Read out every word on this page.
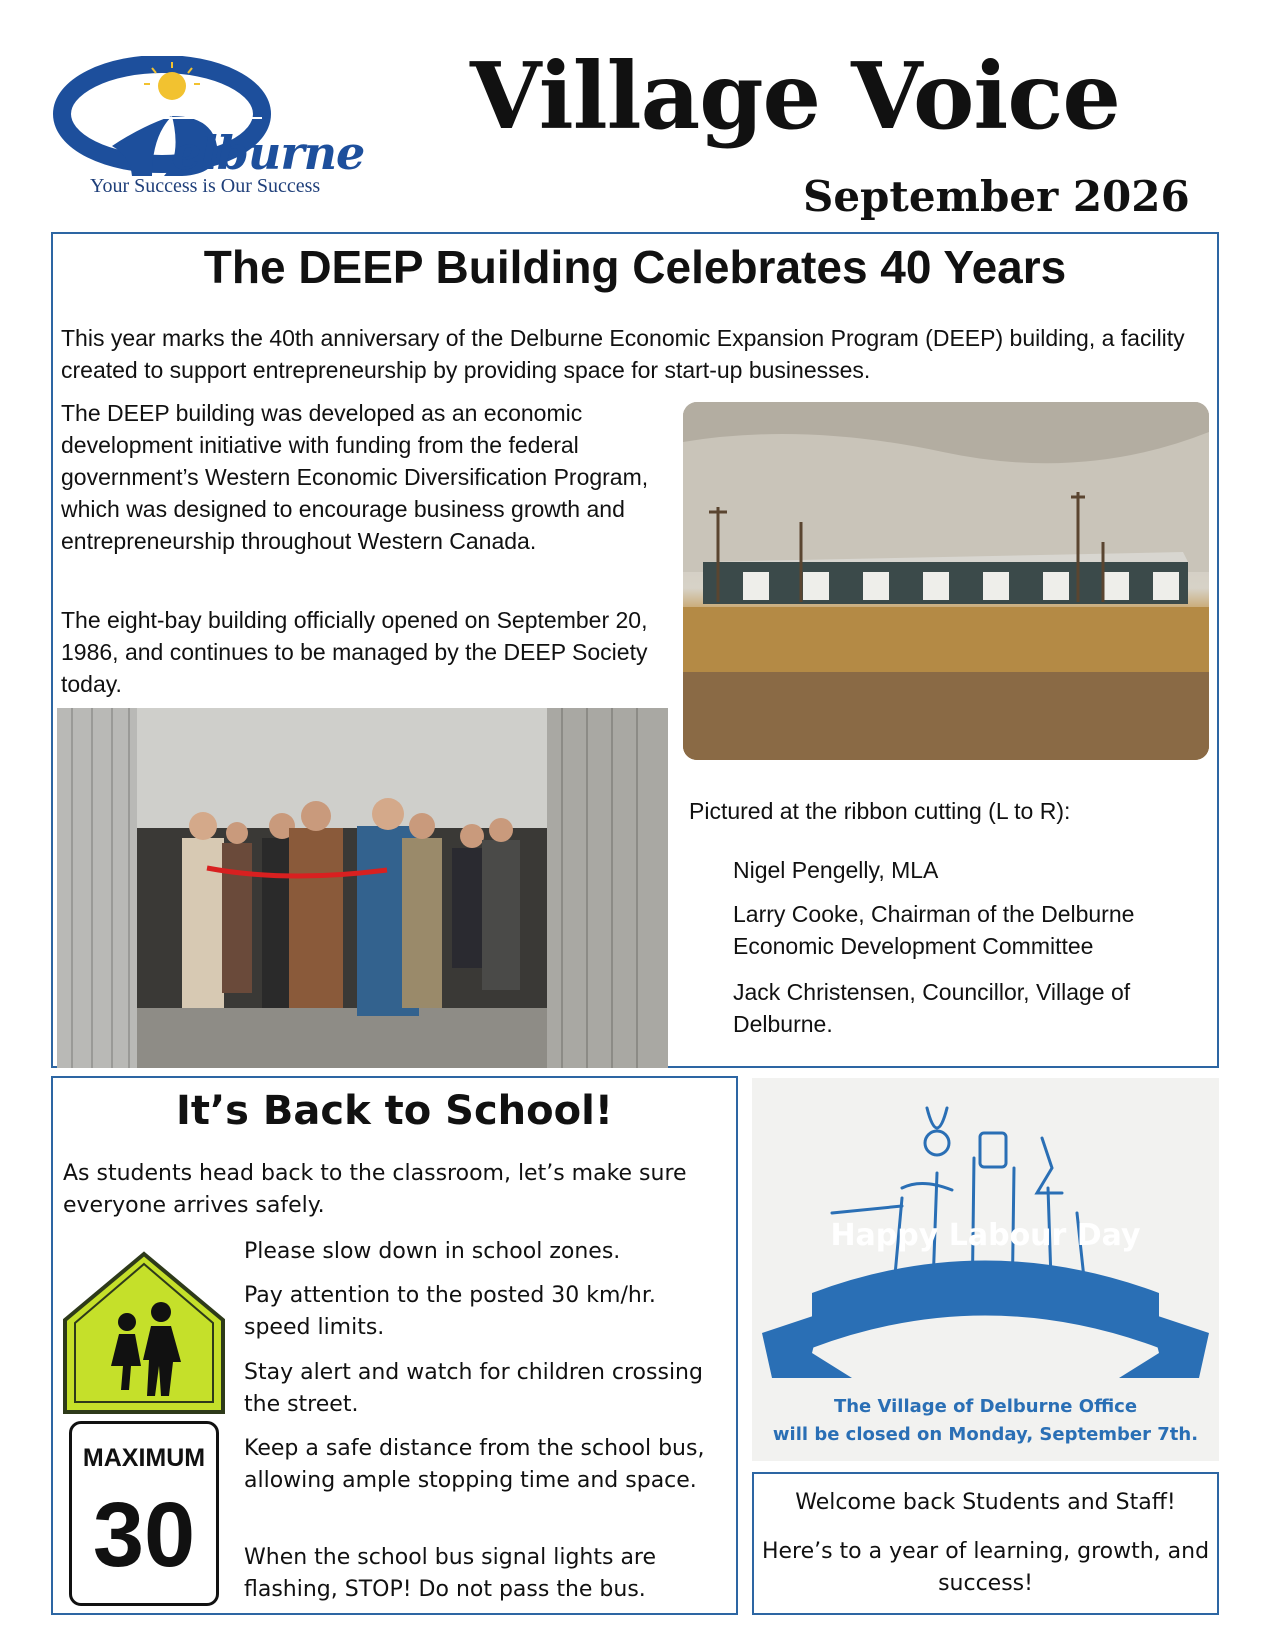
elburne
Your Success is Our Success
Village Voice
September 2026
The DEEP Building Celebrates 40 Years
This year marks the 40th anniversary of the Delburne Economic Expansion Program (DEEP) building, a facility created to support entrepreneurship by providing space for start-up businesses.
The DEEP building was developed as an economic development initiative with funding from the federal government’s Western Economic Diversification Program, which was designed to encourage business growth and entrepreneurship throughout Western Canada.
The eight-bay building officially opened on September 20, 1986, and continues to be managed by the DEEP Society today.
Pictured at the ribbon cutting (L to R):
Nigel Pengelly, MLA
Larry Cooke, Chairman of the Delburne Economic Development Committee
Jack Christensen, Councillor, Village of Delburne.
It’s Back to School!
As students head back to the classroom, let’s make sure everyone arrives safely.
Please slow down in school zones.
Pay attention to the posted 30 km/hr. speed limits.
Stay alert and watch for children crossing the street.
Keep a safe distance from the school bus, allowing ample stopping time and space.
When the school bus signal lights are flashing, STOP! Do not pass the bus.
MAXIMUM
30
Happy Labour Day
The Village of Delburne Office
will be closed on Monday, September 7th.
Welcome back Students and Staff!
Here’s to a year of learning, growth, and success!
